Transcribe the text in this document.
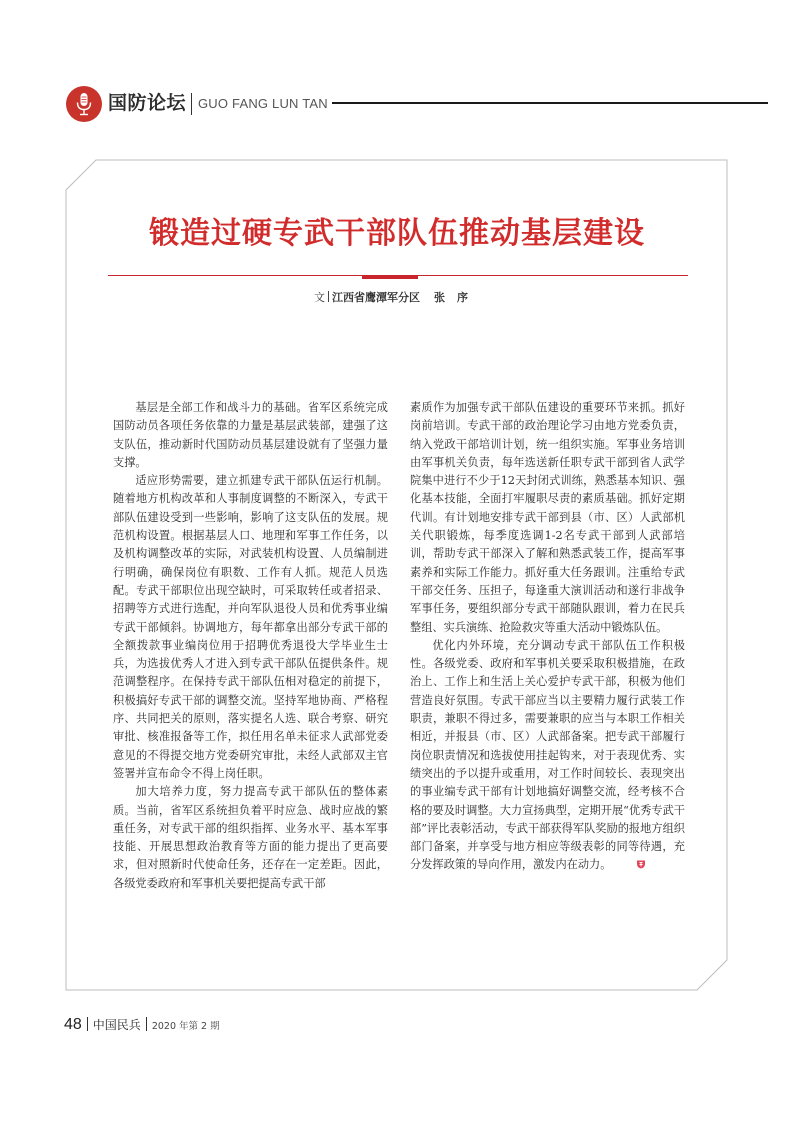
国防论坛 GUO FANG LUN TAN
锻造过硬专武干部队伍推动基层建设
文 江西省鹰潭军分区 张序

基层是全部工作和战斗力的基础。省军区系统完成国防动员各项任务依靠的力量是基层武装部，建强了这支队伍，推动新时代国防动员基层建设就有了坚强力量支撑。

适应形势需要，建立抓建专武干部队伍运行机制。随着地方机构改革和人事制度调整的不断深入，专武干部队伍建设受到一些影响，影响了这支队伍的发展。规范机构设置。根据基层人口、地理和军事工作任务，以及机构调整改革的实际，对武装机构设置、人员编制进行明确，确保岗位有职数、工作有人抓。规范人员选配。专武干部职位出现空缺时，可采取转任或者招录、招聘等方式进行选配，并向军队退役人员和优秀事业编专武干部倾斜。协调地方，每年都拿出部分专武干部的全额拨款事业编岗位用于招聘优秀退役大学毕业生士兵，为选拔优秀人才进入到专武干部队伍提供条件。规范调整程序。在保持专武干部队伍相对稳定的前提下，积极搞好专武干部的调整交流。坚持军地协商、严格程序、共同把关的原则，落实提名人选、联合考察、研究审批、核准报备等工作，拟任用名单未征求人武部党委意见的不得提交地方党委研究审批，未经人武部双主官签署并宣布命令不得上岗任职。

加大培养力度，努力提高专武干部队伍的整体素质。当前，省军区系统担负着平时应急、战时应战的繁重任务，对专武干部的组织指挥、业务水平、基本军事技能、开展思想政治教育等方面的能力提出了更高要求，但对照新时代使命任务，还存在一定差距。因此，各级党委政府和军事机关要把提高专武干部

素质作为加强专武干部队伍建设的重要环节来抓。抓好岗前培训。专武干部的政治理论学习由地方党委负责，纳入党政干部培训计划，统一组织实施。军事业务培训由军事机关负责，每年选送新任职专武干部到省人武学院集中进行不少于12天封闭式训练，熟悉基本知识、强化基本技能，全面打牢履职尽责的素质基础。抓好定期代训。有计划地安排专武干部到县（市、区）人武部机关代职锻炼，每季度选调1-2名专武干部到人武部培训，帮助专武干部深入了解和熟悉武装工作，提高军事素养和实际工作能力。抓好重大任务跟训。注重给专武干部交任务、压担子，每逢重大演训活动和遂行非战争军事任务，要组织部分专武干部随队跟训，着力在民兵整组、实兵演练、抢险救灾等重大活动中锻炼队伍。

优化内外环境，充分调动专武干部队伍工作积极性。各级党委、政府和军事机关要采取积极措施，在政治上、工作上和生活上关心爱护专武干部，积极为他们营造良好氛围。专武干部应当以主要精力履行武装工作职责，兼职不得过多，需要兼职的应当与本职工作相关相近，并报县（市、区）人武部备案。把专武干部履行岗位职责情况和选拔使用挂起钩来，对于表现优秀、实绩突出的予以提升或重用，对工作时间较长、表现突出的事业编专武干部有计划地搞好调整交流，经考核不合格的要及时调整。大力宣扬典型，定期开展“优秀专武干部”评比表彰活动，专武干部获得军队奖励的报地方组织部门备案，并享受与地方相应等级表彰的同等待遇，充分发挥政策的导向作用，激发内在动力。

48 中国民兵 2020 年第 2 期
